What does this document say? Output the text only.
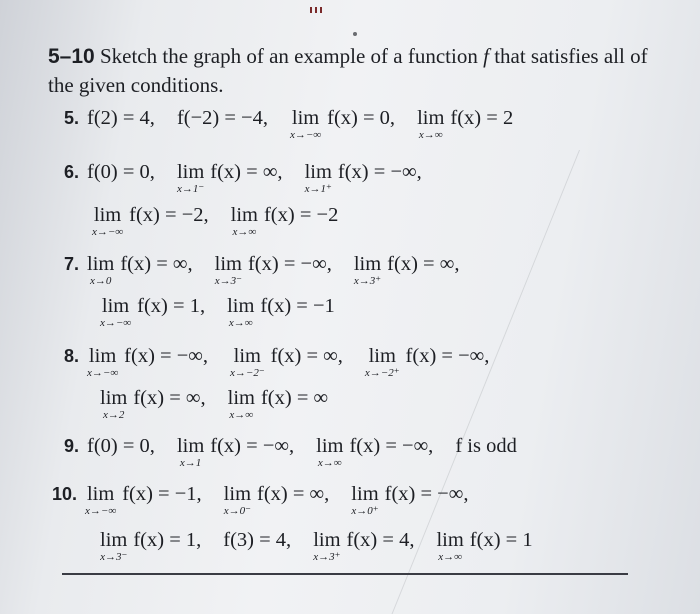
5–10 Sketch the graph of an example of a function f that satisfies all of the given conditions.
5. f(2) = 4, f(−2) = −4, lim
x→−∞
f(x) = 0, lim
x→∞
f(x) = 2
6. f(0) = 0, lim
x→1⁻
f(x) = ∞, lim
x→1⁺
f(x) = −∞,
lim
x→−∞
f(x) = −2, lim
x→∞
f(x) = −2
7. lim
x→0
f(x) = ∞, lim
x→3⁻
f(x) = −∞, lim
x→3⁺
f(x) = ∞,
lim
x→−∞
f(x) = 1, lim
x→∞
f(x) = −1
8. lim
x→−∞
f(x) = −∞, lim
x→−2⁻
f(x) = ∞, lim
x→−2⁺
f(x) = −∞,
lim
x→2
f(x) = ∞, lim
x→∞
f(x) = ∞
9. f(0) = 0, lim
x→1
f(x) = −∞, lim
x→∞
f(x) = −∞, f is odd
10. lim
x→−∞
f(x) = −1, lim
x→0⁻
f(x) = ∞, lim
x→0⁺
f(x) = −∞,
lim
x→3⁻
f(x) = 1, f(3) = 4, lim
x→3⁺
f(x) = 4, lim
x→∞
f(x) = 1
